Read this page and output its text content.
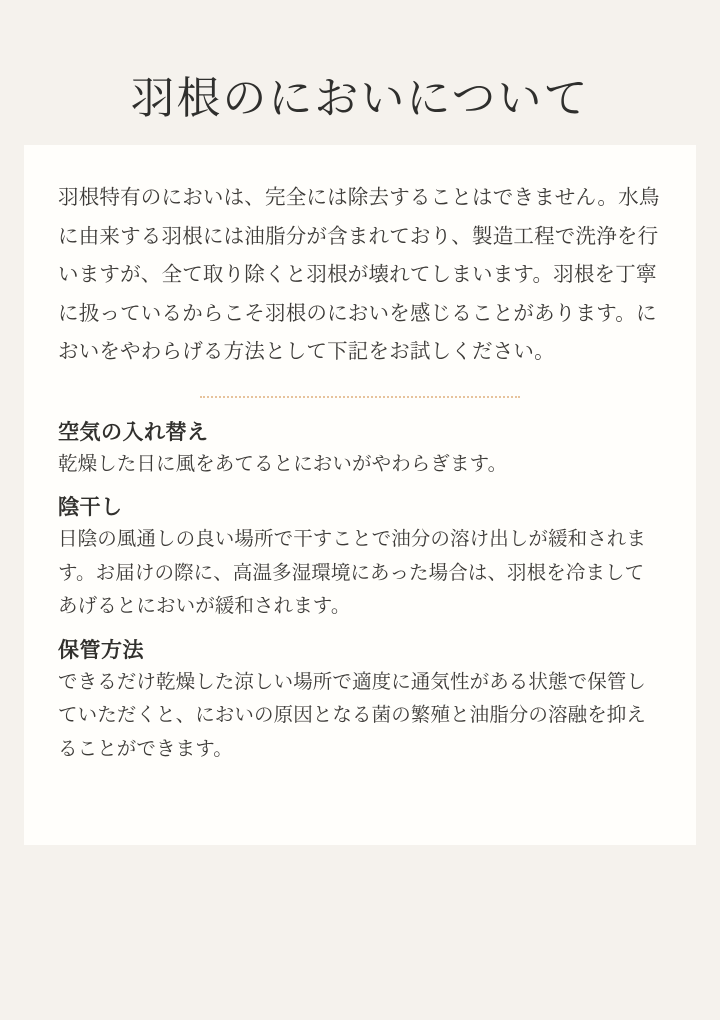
羽根のにおいについて

羽根特有のにおいは、完全には除去することはできません。水鳥に由来する羽根には油脂分が含まれており、製造工程で洗浄を行いますが、全て取り除くと羽根が壊れてしまいます。羽根を丁寧に扱っているからこそ羽根のにおいを感じることがあります。においをやわらげる方法として下記をお試しください。

空気の入れ替え

乾燥した日に風をあてるとにおいがやわらぎます。

陰干し

日陰の風通しの良い場所で干すことで油分の溶け出しが緩和されます。お届けの際に、高温多湿環境にあった場合は、羽根を冷ましてあげるとにおいが緩和されます。

保管方法

できるだけ乾燥した涼しい場所で適度に通気性がある状態で保管していただくと、においの原因となる菌の繁殖と油脂分の溶融を抑えることができます。
